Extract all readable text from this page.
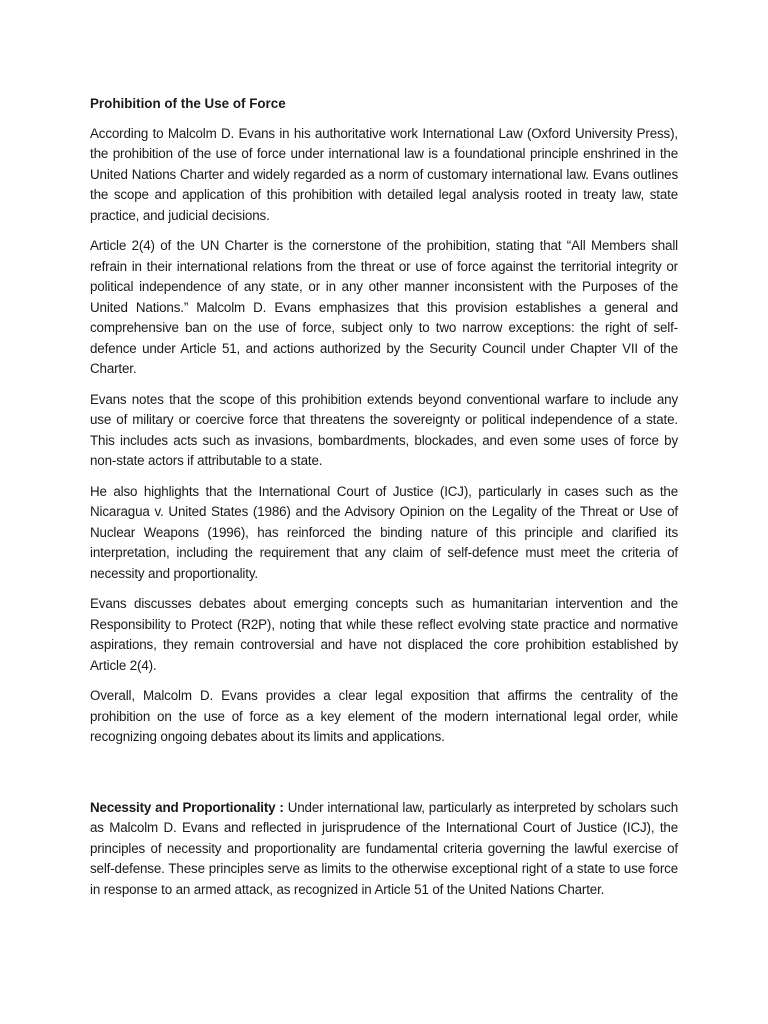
Prohibition of the Use of Force

According to Malcolm D. Evans in his authoritative work International Law (Oxford University Press), the prohibition of the use of force under international law is a foundational principle enshrined in the United Nations Charter and widely regarded as a norm of customary international law. Evans outlines the scope and application of this prohibition with detailed legal analysis rooted in treaty law, state practice, and judicial decisions.

Article 2(4) of the UN Charter is the cornerstone of the prohibition, stating that “All Members shall refrain in their international relations from the threat or use of force against the territorial integrity or political independence of any state, or in any other manner inconsistent with the Purposes of the United Nations.” Malcolm D. Evans emphasizes that this provision establishes a general and comprehensive ban on the use of force, subject only to two narrow exceptions: the right of self-defence under Article 51, and actions authorized by the Security Council under Chapter VII of the Charter.

Evans notes that the scope of this prohibition extends beyond conventional warfare to include any use of military or coercive force that threatens the sovereignty or political independence of a state. This includes acts such as invasions, bombardments, blockades, and even some uses of force by non-state actors if attributable to a state.

He also highlights that the International Court of Justice (ICJ), particularly in cases such as the Nicaragua v. United States (1986) and the Advisory Opinion on the Legality of the Threat or Use of Nuclear Weapons (1996), has reinforced the binding nature of this principle and clarified its interpretation, including the requirement that any claim of self-defence must meet the criteria of necessity and proportionality.

Evans discusses debates about emerging concepts such as humanitarian intervention and the Responsibility to Protect (R2P), noting that while these reflect evolving state practice and normative aspirations, they remain controversial and have not displaced the core prohibition established by Article 2(4).

Overall, Malcolm D. Evans provides a clear legal exposition that affirms the centrality of the prohibition on the use of force as a key element of the modern international legal order, while recognizing ongoing debates about its limits and applications.

Necessity and Proportionality : Under international law, particularly as interpreted by scholars such as Malcolm D. Evans and reflected in jurisprudence of the International Court of Justice (ICJ), the principles of necessity and proportionality are fundamental criteria governing the lawful exercise of self-defense. These principles serve as limits to the otherwise exceptional right of a state to use force in response to an armed attack, as recognized in Article 51 of the United Nations Charter.
